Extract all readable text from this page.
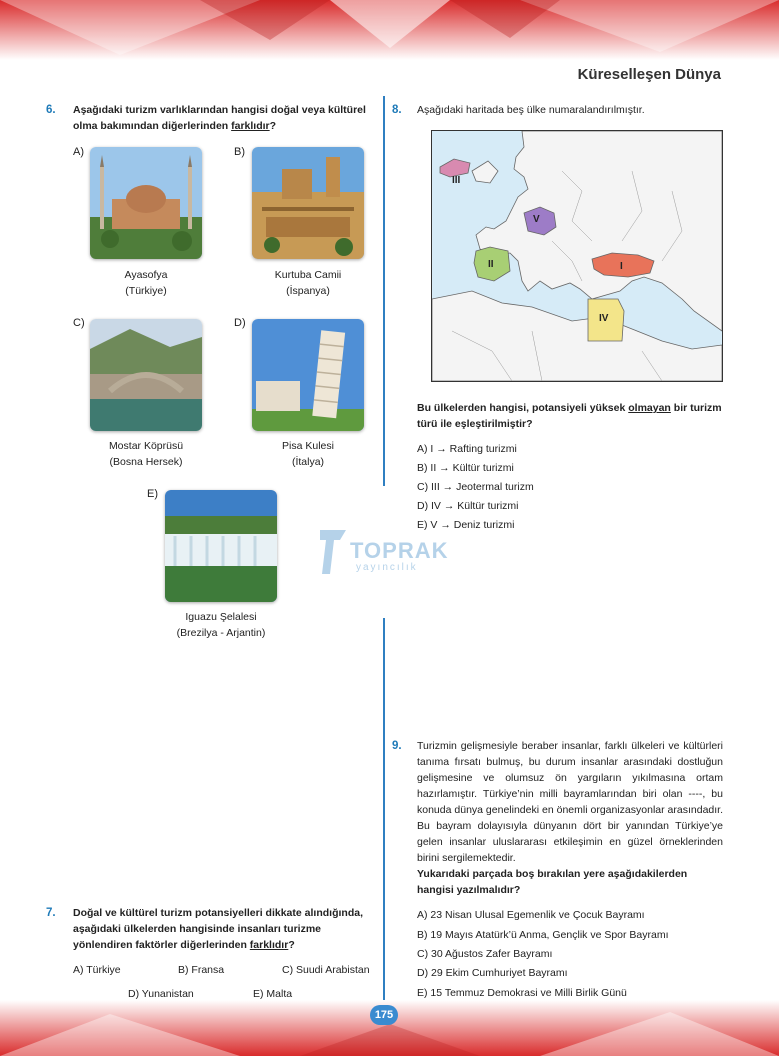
Küreselleşen Dünya
6. Aşağıdaki turizm varlıklarından hangisi doğal veya kültürel olma bakımından diğerlerinden farklıdır?
A)
Ayasofya
(Türkiye)
B)
Kurtuba Camii
(İspanya)
C)
Mostar Köprüsü
(Bosna Hersek)
D)
Pisa Kulesi
(İtalya)
E)
Iguazu Şelalesi
(Brezilya - Arjantin)
TOPRAK
yayıncılık
7. Doğal ve kültürel turizm potansiyelleri dikkate alındığında, aşağıdaki ülkelerden hangisinde insanları turizme yönlendiren faktörler diğerlerinden farklıdır?
A) Türkiye	B) Fransa	C) Suudi Arabistan
D) Yunanistan	E) Malta
8. Aşağıdaki haritada beş ülke numaralandırılmıştır.
III
V
II	I
IV
Bu ülkelerden hangisi, potansiyeli yüksek olmayan bir turizm türü ile eşleştirilmiştir?
A) I → Rafting turizmi
B) II → Kültür turizmi
C) III → Jeotermal turizm
D) IV → Kültür turizmi
E) V → Deniz turizmi
9. Turizmin gelişmesiyle beraber insanlar, farklı ülkeleri ve kültürleri tanıma fırsatı bulmuş, bu durum insanlar arasındaki dostluğun gelişmesine ve olumsuz ön yargıların yıkılmasına ortam hazırlamıştır. Türkiye’nin milli bayramlarından biri olan ----, bu konuda dünya genelindeki en önemli organizasyonlar arasındadır. Bu bayram dolayısıyla dünyanın dört bir yanından Türkiye’ye gelen insanlar uluslararası etkileşimin en güzel örneklerinden birini sergilemektedir.
Yukarıdaki parçada boş bırakılan yere aşağıdakilerden hangisi yazılmalıdır?
A) 23 Nisan Ulusal Egemenlik ve Çocuk Bayramı
B) 19 Mayıs Atatürk’ü Anma, Gençlik ve Spor Bayramı
C) 30 Ağustos Zafer Bayramı
D) 29 Ekim Cumhuriyet Bayramı
E) 15 Temmuz Demokrasi ve Milli Birlik Günü
175
